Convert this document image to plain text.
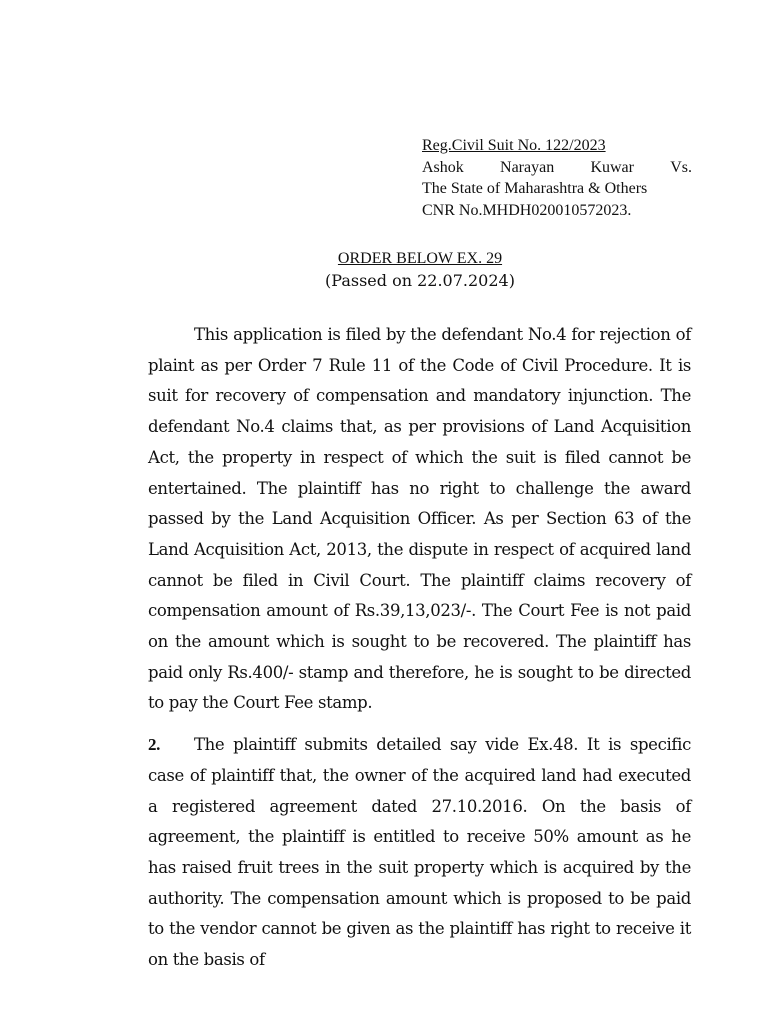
Reg.Civil Suit No. 122/2023
Ashok Narayan Kuwar Vs.
The State of Maharashtra & Others
CNR No.MHDH020010572023.
ORDER BELOW EX. 29
(Passed on 22.07.2024)

This application is filed by the defendant No.4 for rejection of plaint as per Order 7 Rule 11 of the Code of Civil Procedure. It is suit for recovery of compensation and mandatory injunction. The defendant No.4 claims that, as per provisions of Land Acquisition Act, the property in respect of which the suit is filed cannot be entertained. The plaintiff has no right to challenge the award passed by the Land Acquisition Officer. As per Section 63 of the Land Acquisition Act, 2013, the dispute in respect of acquired land cannot be filed in Civil Court. The plaintiff claims recovery of compensation amount of Rs.39,13,023/-. The Court Fee is not paid on the amount which is sought to be recovered. The plaintiff has paid only Rs.400/- stamp and therefore, he is sought to be directed to pay the Court Fee stamp.

2. The plaintiff submits detailed say vide Ex.48. It is specific case of plaintiff that, the owner of the acquired land had executed a registered agreement dated 27.10.2016. On the basis of agreement, the plaintiff is entitled to receive 50% amount as he has raised fruit trees in the suit property which is acquired by the authority. The compensation amount which is proposed to be paid to the vendor cannot be given as the plaintiff has right to receive it on the basis of
